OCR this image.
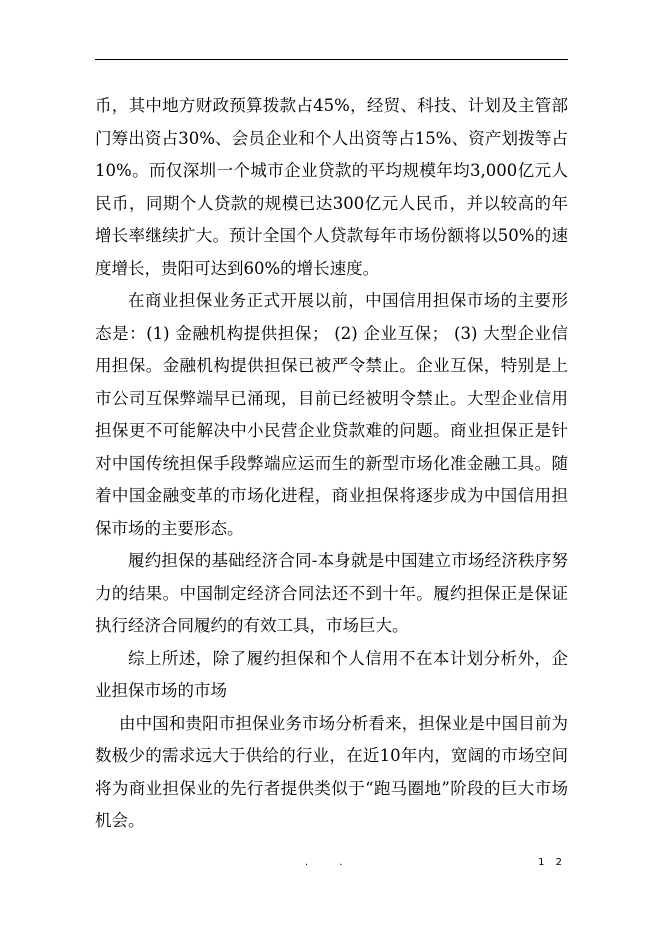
币，其中地方财政预算拨款占45%，经贸、科技、计划及主管部门筹出资占30%、会员企业和个人出资等占15%、资产划拨等占10%。而仅深圳一个城市企业贷款的平均规模年均3,000亿元人民币，同期个人贷款的规模已达300亿元人民币，并以较高的年增长率继续扩大。预计全国个人贷款每年市场份额将以50%的速度增长，贵阳可达到60%的增长速度。

在商业担保业务正式开展以前，中国信用担保市场的主要形态是：(1) 金融机构提供担保； (2) 企业互保； (3) 大型企业信用担保。金融机构提供担保已被严令禁止。企业互保，特别是上市公司互保弊端早已涌现，目前已经被明令禁止。大型企业信用担保更不可能解决中小民营企业贷款难的问题。商业担保正是针对中国传统担保手段弊端应运而生的新型市场化准金融工具。随着中国金融变革的市场化进程，商业担保将逐步成为中国信用担保市场的主要形态。

履约担保的基础经济合同-本身就是中国建立市场经济秩序努力的结果。中国制定经济合同法还不到十年。履约担保正是保证执行经济合同履约的有效工具，市场巨大。

综上所述，除了履约担保和个人信用不在本计划分析外，企业担保市场的市场

由中国和贵阳市担保业务市场分析看来，担保业是中国目前为数极少的需求远大于供给的行业，在近10年内，宽阔的市场空间将为商业担保业的先行者提供类似于“跑马圈地”阶段的巨大市场机会。

. .	1 2
